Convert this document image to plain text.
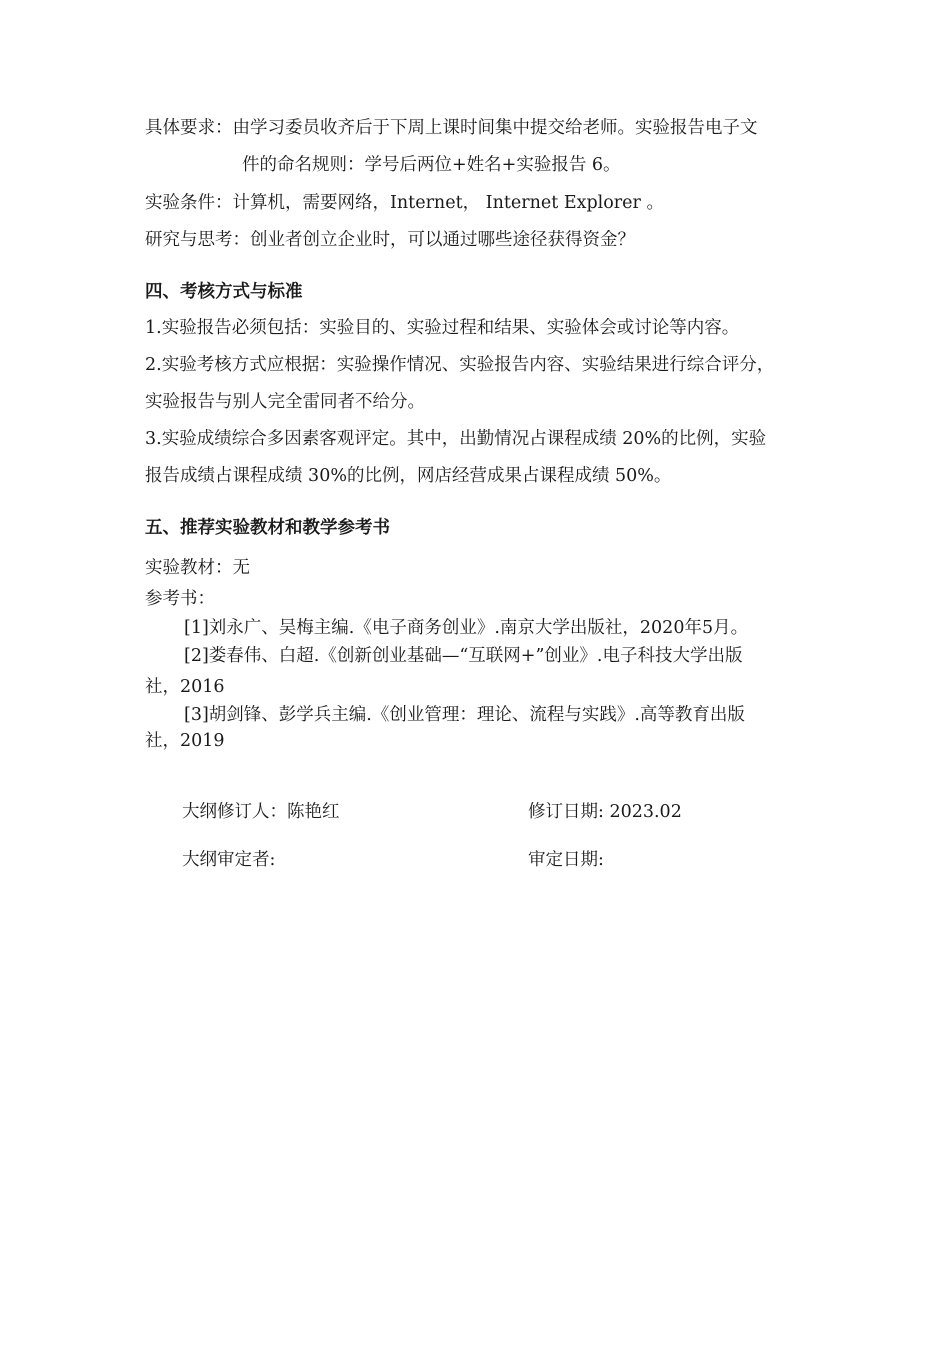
具体要求：由学习委员收齐后于下周上课时间集中提交给老师。实验报告电子文
件的命名规则：学号后两位+姓名+实验报告 6。
实验条件：计算机，需要网络，Internet， Internet Explorer 。
研究与思考：创业者创立企业时，可以通过哪些途径获得资金？
四、考核方式与标准
1.实验报告必须包括：实验目的、实验过程和结果、实验体会或讨论等内容。
2.实验考核方式应根据：实验操作情况、实验报告内容、实验结果进行综合评分，
实验报告与别人完全雷同者不给分。
3.实验成绩综合多因素客观评定。其中，出勤情况占课程成绩 20%的比例，实验
报告成绩占课程成绩 30%的比例，网店经营成果占课程成绩 50%。
五、推荐实验教材和教学参考书
实验教材：无
参考书：
[1]刘永广、吴梅主编.《电子商务创业》.南京大学出版社，2020年5月。
[2]娄春伟、白超.《创新创业基础—“互联网+”创业》.电子科技大学出版
社，2016
[3]胡剑锋、彭学兵主编.《创业管理：理论、流程与实践》.高等教育出版
社，2019
大纲修订人：陈艳红	修订日期: 2023.02
大纲审定者:	审定日期:
